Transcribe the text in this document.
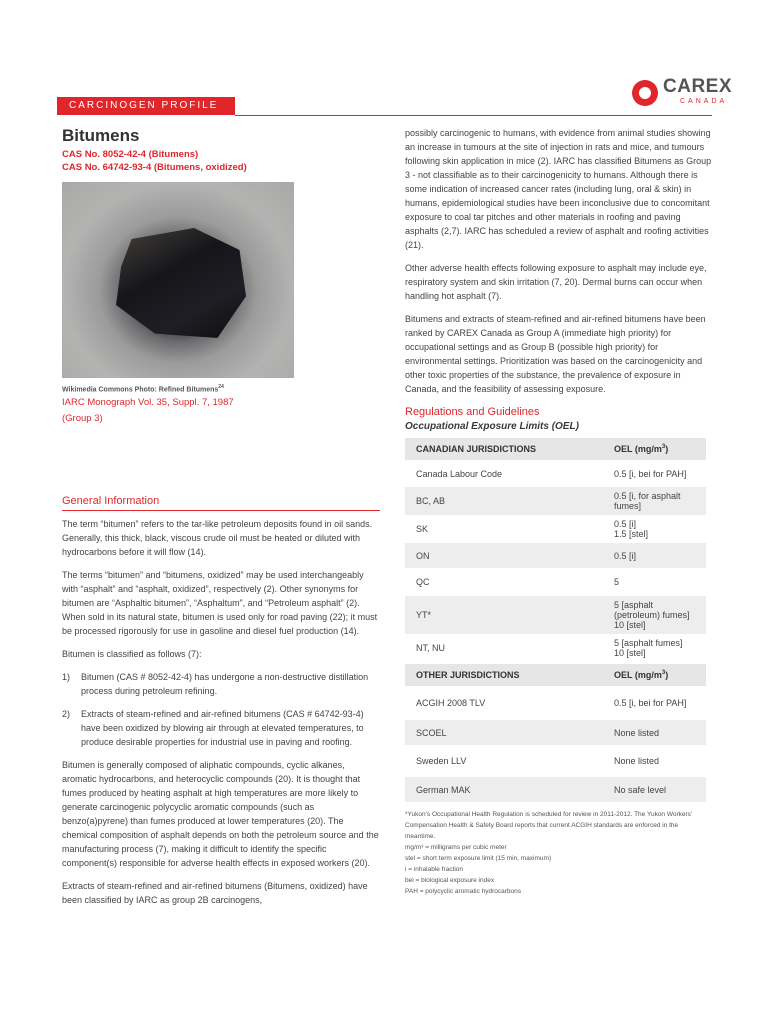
CAREX
CANADA
CARCINOGEN PROFILE
Bitumens
CAS No. 8052-42-4 (Bitumens)
CAS No. 64742-93-4 (Bitumens, oxidized)
Wikimedia Commons Photo: Refined Bitumens$^{24}$
IARC Monograph Vol. 35, Suppl. 7, 1987
(Group 3)
General Information

The term “bitumen” refers to the tar-like petroleum deposits found in oil sands. Generally, this thick, black, viscous crude oil must be heated or diluted with hydrocarbons before it will flow (14).

The terms “bitumen” and “bitumens, oxidized” may be used interchangeably with “asphalt” and “asphalt, oxidized”, respectively (2). Other synonyms for bitumen are “Asphaltic bitumen”, “Asphaltum”, and “Petroleum asphalt” (2). When sold in its natural state, bitumen is used only for road paving (22); it must be processed rigorously for use in gasoline and diesel fuel production (14).

Bitumen is classified as follows (7):

1)	Bitumen (CAS # 8052-42-4) has undergone a non-destructive distillation process during petroleum refining.
2)	Extracts of steam-refined and air-refined bitumens (CAS # 64742-93-4) have been oxidized by blowing air through at elevated temperatures, to produce desirable properties for industrial use in paving and roofing.

Bitumen is generally composed of aliphatic compounds, cyclic alkanes, aromatic hydrocarbons, and heterocyclic compounds (20). It is thought that fumes produced by heating asphalt at high temperatures are more likely to generate carcinogenic polycyclic aromatic compounds (such as benzo(a)pyrene) than fumes produced at lower temperatures (20). The chemical composition of asphalt depends on both the petroleum source and the manufacturing process (7), making it difficult to identify the specific component(s) responsible for adverse health effects in exposed workers (20).

Extracts of steam-refined and air-refined bitumens (Bitumens, oxidized) have been classified by IARC as group 2B carcinogens,

possibly carcinogenic to humans, with evidence from animal studies showing an increase in tumours at the site of injection in rats and mice, and tumours following skin application in mice (2). IARC has classified Bitumens as Group 3 - not classifiable as to their carcinogenicity to humans. Although there is some indication of increased cancer rates (including lung, oral & skin) in humans, epidemiological studies have been inconclusive due to concomitant exposure to coal tar pitches and other materials in roofing and paving asphalts (2,7). IARC has scheduled a review of asphalt and roofing activities (21).

Other adverse health effects following exposure to asphalt may include eye, respiratory system and skin irritation (7, 20). Dermal burns can occur when handling hot asphalt (7).

Bitumens and extracts of steam-refined and air-refined bitumens have been ranked by CAREX Canada as Group A (immediate high priority) for occupational settings and as Group B (possible high priority) for environmental settings. Prioritization was based on the carcinogenicity and other toxic properties of the substance, the prevalence of exposure in Canada, and the feasibility of assessing exposure.

Regulations and Guidelines
Occupational Exposure Limits (OEL)
CANADIAN JURISDICTIONS	OEL $(mg/m^3)$
Canada Labour Code	0.5 [i, bei for PAH]
BC, AB	0.5 [i, for asphalt fumes]
SK	0.5 [i]
1.5 [stel]

ON	0.5 [i]
QC	5
YT*	5 [asphalt (petroleum) fumes]
10 [stel]

NT, NU	5 [asphalt fumes]
10 [stel]

OTHER JURISDICTIONS	OEL $(mg/m^3)$
ACGIH 2008 TLV	0.5 [i, bei for PAH]
SCOEL	None listed
Sweden LLV	None listed
German MAK	No safe level
*Yukon’s Occupational Health Regulation is scheduled for review in 2011-2012. The Yukon Workers’ Compensation Health & Safety Board reports that current ACGIH standards are enforced in the meantime.
mg/m³ = milligrams per cubic meter
stel = short term exposure limit (15 min, maximum)
i = inhalable fraction
bei = biological exposure index
PAH = polycyclic aromatic hydrocarbons
